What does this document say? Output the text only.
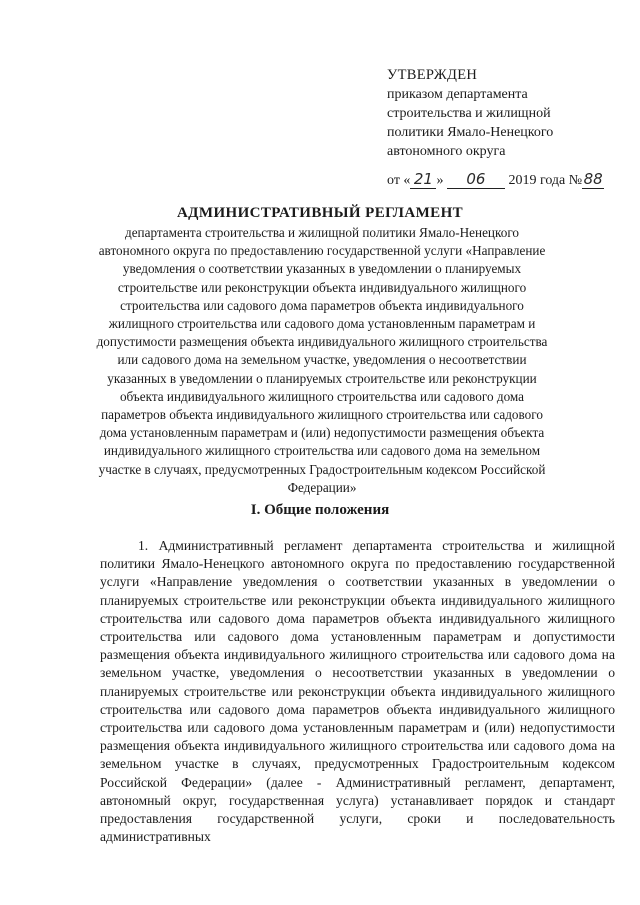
УТВЕРЖДЕН
приказом департамента
строительства и жилищной
политики Ямало-Ненецкого
автономного округа
от « 21 » 06 2019 года №88
АДМИНИСТРАТИВНЫЙ РЕГЛАМЕНТ
департамента строительства и жилищной политики Ямало-Ненецкого автономного округа по предоставлению государственной услуги «Направление уведомления о соответствии указанных в уведомлении о планируемых строительстве или реконструкции объекта индивидуального жилищного строительства или садового дома параметров объекта индивидуального жилищного строительства или садового дома установленным параметрам и допустимости размещения объекта индивидуального жилищного строительства или садового дома на земельном участке, уведомления о несоответствии указанных в уведомлении о планируемых строительстве или реконструкции объекта индивидуального жилищного строительства или садового дома параметров объекта индивидуального жилищного строительства или садового дома установленным параметрам и (или) недопустимости размещения объекта индивидуального жилищного строительства или садового дома на земельном участке в случаях, предусмотренных Градостроительным кодексом Российской Федерации»
I. Общие положения

1. Административный регламент департамента строительства и жилищной политики Ямало-Ненецкого автономного округа по предоставлению государственной услуги «Направление уведомления о соответствии указанных в уведомлении о планируемых строительстве или реконструкции объекта индивидуального жилищного строительства или садового дома параметров объекта индивидуального жилищного строительства или садового дома установленным параметрам и допустимости размещения объекта индивидуального жилищного строительства или садового дома на земельном участке, уведомления о несоответствии указанных в уведомлении о планируемых строительстве или реконструкции объекта индивидуального жилищного строительства или садового дома параметров объекта индивидуального жилищного строительства или садового дома установленным параметрам и (или) недопустимости размещения объекта индивидуального жилищного строительства или садового дома на земельном участке в случаях, предусмотренных Градостроительным кодексом Российской Федерации» (далее - Административный регламент, департамент, автономный округ, государственная услуга) устанавливает порядок и стандарт предоставления государственной услуги, сроки и последовательность административных
